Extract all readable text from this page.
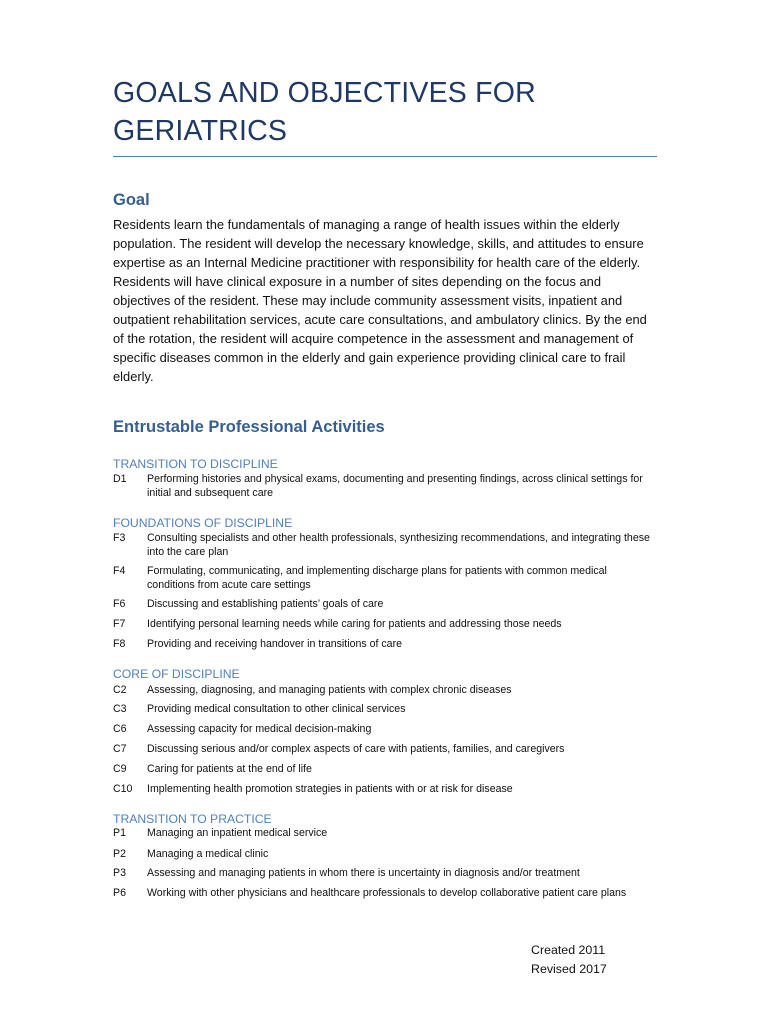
GOALS AND OBJECTIVES FOR GERIATRICS
Goal
Residents learn the fundamentals of managing a range of health issues within the elderly population. The resident will develop the necessary knowledge, skills, and attitudes to ensure expertise as an Internal Medicine practitioner with responsibility for health care of the elderly. Residents will have clinical exposure in a number of sites depending on the focus and objectives of the resident. These may include community assessment visits, inpatient and outpatient rehabilitation services, acute care consultations, and ambulatory clinics. By the end of the rotation, the resident will acquire competence in the assessment and management of specific diseases common in the elderly and gain experience providing clinical care to frail elderly.
Entrustable Professional Activities
TRANSITION TO DISCIPLINE
D1	Performing histories and physical exams, documenting and presenting findings, across clinical settings for initial and subsequent care
FOUNDATIONS OF DISCIPLINE
F3	Consulting specialists and other health professionals, synthesizing recommendations, and integrating these into the care plan
F4	Formulating, communicating, and implementing discharge plans for patients with common medical conditions from acute care settings
F6	Discussing and establishing patients’ goals of care
F7	Identifying personal learning needs while caring for patients and addressing those needs
F8	Providing and receiving handover in transitions of care
CORE OF DISCIPLINE
C2	Assessing, diagnosing, and managing patients with complex chronic diseases
C3	Providing medical consultation to other clinical services
C6	Assessing capacity for medical decision-making
C7	Discussing serious and/or complex aspects of care with patients, families, and caregivers
C9	Caring for patients at the end of life
C10	Implementing health promotion strategies in patients with or at risk for disease
TRANSITION TO PRACTICE
P1	Managing an inpatient medical service
P2	Managing a medical clinic
P3	Assessing and managing patients in whom there is uncertainty in diagnosis and/or treatment
P6	Working with other physicians and healthcare professionals to develop collaborative patient care plans
Created 2011
Revised 2017
